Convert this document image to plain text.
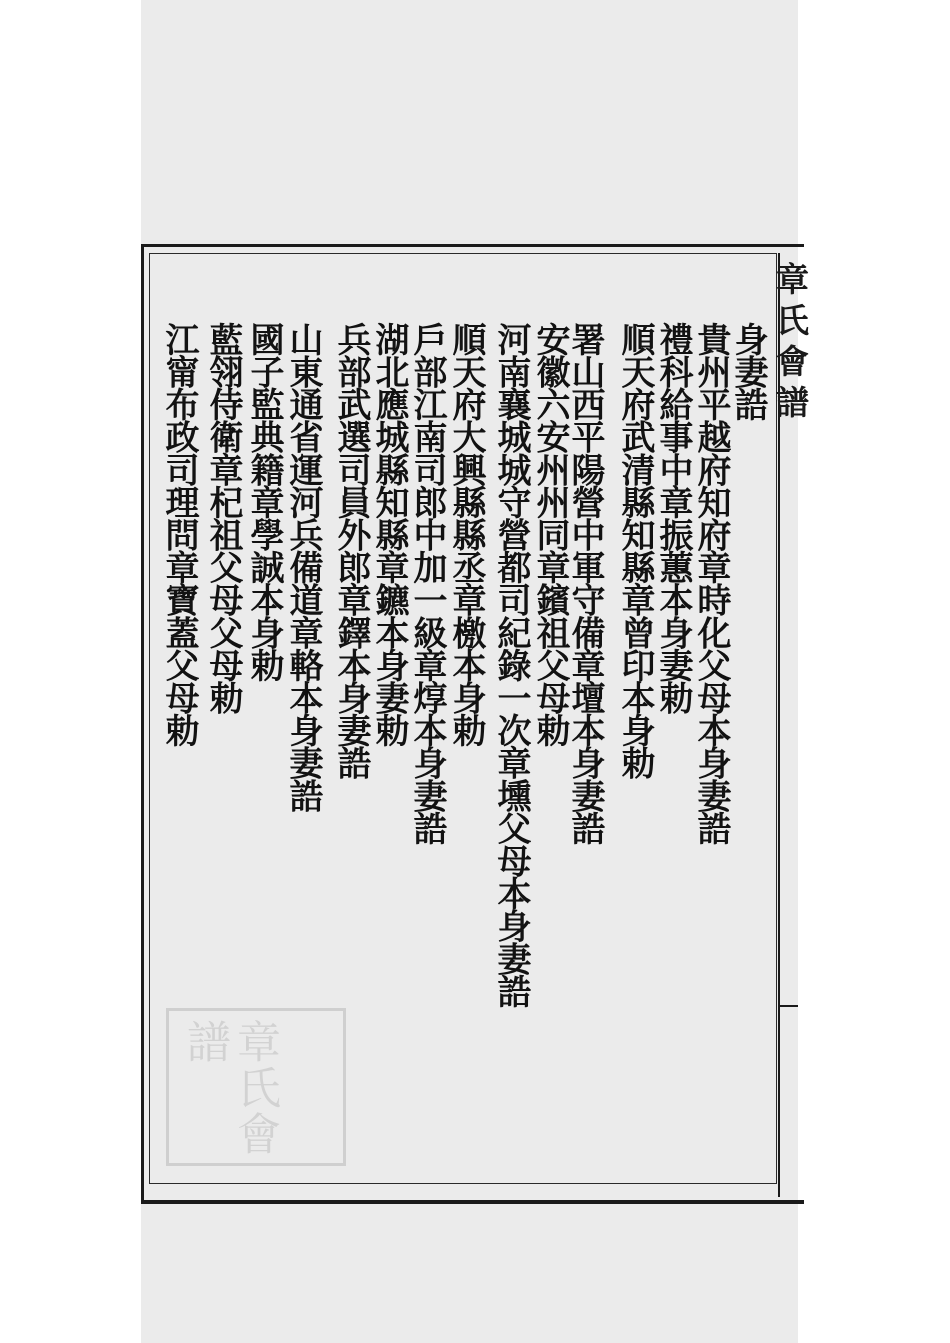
章氏會譜
章氏會譜
身妻誥
貴州平越府知府章時化父母本身妻誥
禮科給事中章振蕙本身妻勅
順天府武清縣知縣章曾印本身勅
署山西平陽營中軍守備章壇本身妻誥
安徽六安州州同章鑌祖父母勅
河南襄城城守營都司紀錄一次章壎父母本身妻誥
順天府大興縣縣丞章檄本身勅
戶部江南司郎中加一級章焞本身妻誥
湖北應城縣知縣章鑣本身妻勅
兵部武選司員外郎章鐸本身妻誥
山東通省運河兵備道章輅本身妻誥
國子監典籍章學誠本身勅
藍翎侍衛章杞祖父母父母勅
江甯布政司理問章寶蓋父母勅
